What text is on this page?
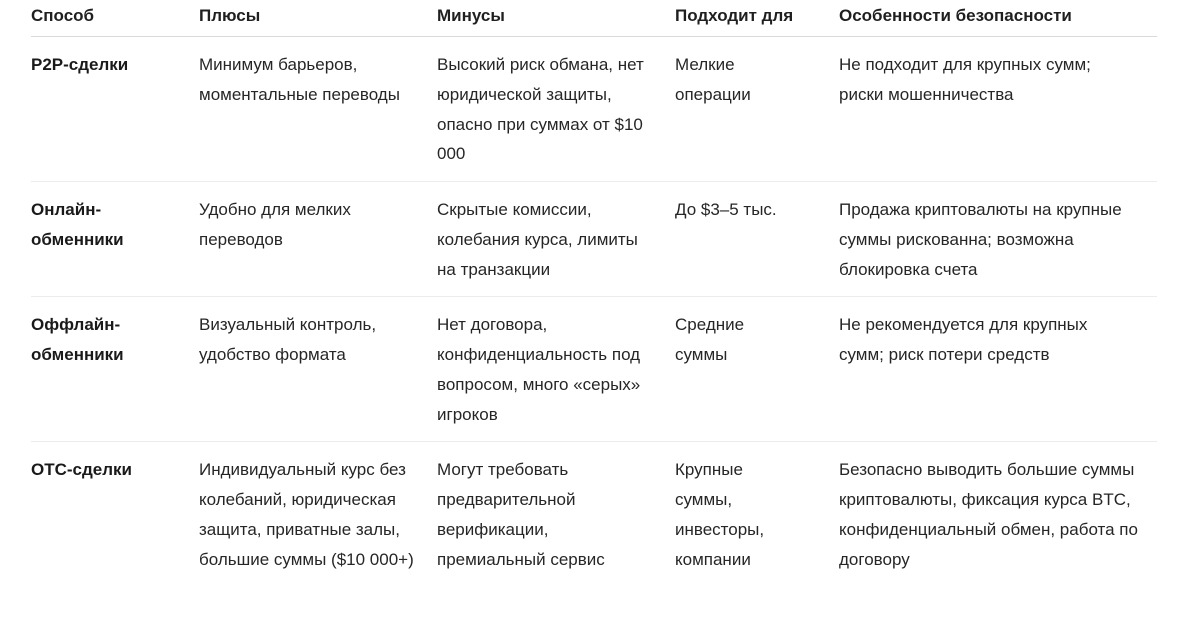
Способ	Плюсы	Минусы	Подходит для	Особенности безопасности
P2P-сделки	Минимум барьеров, моментальные переводы	Высокий риск обмана, нет юридической защиты, опасно при суммах от $10 000	Мелкие операции	Не подходит для крупных сумм; риски мошенничества
Онлайн-обменники	Удобно для мелких переводов	Скрытые комиссии, колебания курса, лимиты на транзакции	До $3–5 тыс.	Продажа криптовалюты на крупные суммы рискованна; возможна блокировка счета
Оффлайн-обменники	Визуальный контроль, удобство формата	Нет договора, конфиденциальность под вопросом, много «серых» игроков	Средние суммы	Не рекомендуется для крупных сумм; риск потери средств
OTC-сделки	Индивидуальный курс без колебаний, юридическая защита, приватные залы, большие суммы ($10 000+)	Могут требовать предварительной верификации, премиальный сервис	Крупные суммы, инвесторы, компании	Безопасно выводить большие суммы криптовалюты, фиксация курса BTC, конфиденциальный обмен, работа по договору
